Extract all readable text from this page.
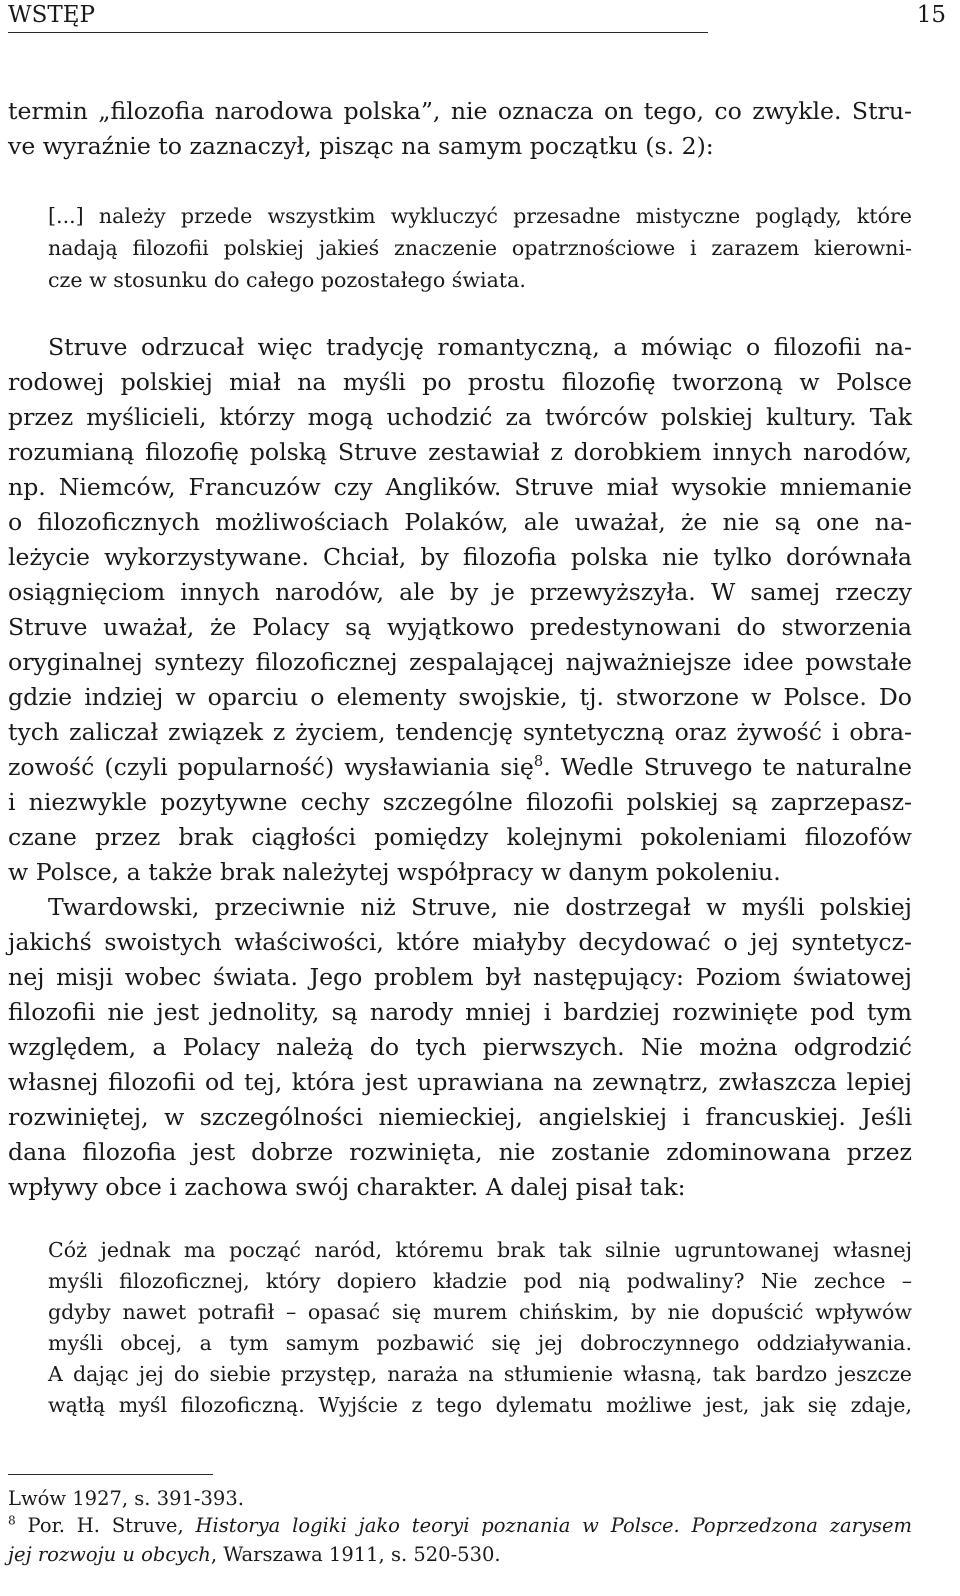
WSTĘP	15
termin „filozofia narodowa polska”, nie oznacza on tego, co zwykle. Stru-
ve wyraźnie to zaznaczył, pisząc na samym początku (s. 2):
[...] należy przede wszystkim wykluczyć przesadne mistyczne poglądy, które
nadają filozofii polskiej jakieś znaczenie opatrznościowe i zarazem kierowni-
cze w stosunku do całego pozostałego świata.
Struve odrzucał więc tradycję romantyczną, a mówiąc o filozofii na-
rodowej polskiej miał na myśli po prostu filozofię tworzoną w Polsce
przez myślicieli, którzy mogą uchodzić za twórców polskiej kultury. Tak
rozumianą filozofię polską Struve zestawiał z dorobkiem innych narodów,
np. Niemców, Francuzów czy Anglików. Struve miał wysokie mniemanie
o filozoficznych możliwościach Polaków, ale uważał, że nie są one na-
leżycie wykorzystywane. Chciał, by filozofia polska nie tylko dorównała
osiągnięciom innych narodów, ale by je przewyższyła. W samej rzeczy
Struve uważał, że Polacy są wyjątkowo predestynowani do stworzenia
oryginalnej syntezy filozoficznej zespalającej najważniejsze idee powstałe
gdzie indziej w oparciu o elementy swojskie, tj. stworzone w Polsce. Do
tych zaliczał związek z życiem, tendencję syntetyczną oraz żywość i obra-
zowość (czyli popularność) wysławiania się$^8$. Wedle Struvego te naturalne
i niezwykle pozytywne cechy szczególne filozofii polskiej są zaprzepasz-
czane przez brak ciągłości pomiędzy kolejnymi pokoleniami filozofów
w Polsce, a także brak należytej współpracy w danym pokoleniu.
Twardowski, przeciwnie niż Struve, nie dostrzegał w myśli polskiej
jakichś swoistych właściwości, które miałyby decydować o jej syntetycz-
nej misji wobec świata. Jego problem był następujący: Poziom światowej
filozofii nie jest jednolity, są narody mniej i bardziej rozwinięte pod tym
względem, a Polacy należą do tych pierwszych. Nie można odgrodzić
własnej filozofii od tej, która jest uprawiana na zewnątrz, zwłaszcza lepiej
rozwiniętej, w szczególności niemieckiej, angielskiej i francuskiej. Jeśli
dana filozofia jest dobrze rozwinięta, nie zostanie zdominowana przez
wpływy obce i zachowa swój charakter. A dalej pisał tak:
Cóż jednak ma począć naród, któremu brak tak silnie ugruntowanej własnej
myśli filozoficznej, który dopiero kładzie pod nią podwaliny? Nie zechce –
gdyby nawet potrafił – opasać się murem chińskim, by nie dopuścić wpływów
myśli obcej, a tym samym pozbawić się jej dobroczynnego oddziaływania.
A dając jej do siebie przystęp, naraża na stłumienie własną, tak bardzo jeszcze
wątłą myśl filozoficzną. Wyjście z tego dylematu możliwe jest, jak się zdaje,
Lwów 1927, s. 391-393.
$^8$ Por. H. Struve, Historya logiki jako teoryi poznania w Polsce. Poprzedzona zarysem
jej rozwoju u obcych, Warszawa 1911, s. 520-530.
